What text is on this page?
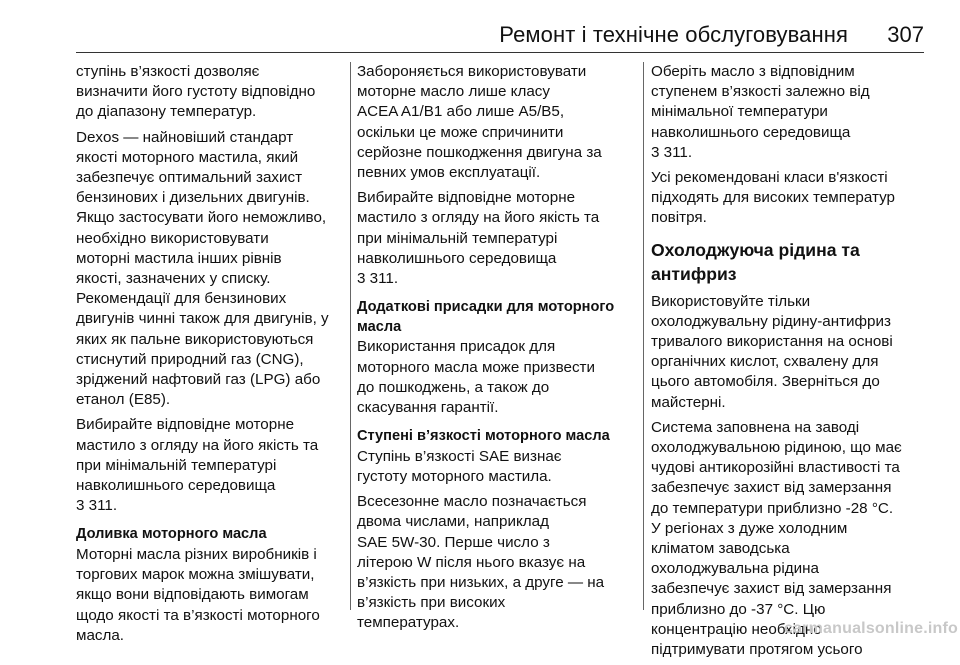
Ремонт і технічне обслуговування 307
ступінь в’язкості дозволяє
визначити його густоту відповідно
до діапазону температур.
Dexos — найновіший стандарт
якості моторного мастила, який
забезпечує оптимальний захист
бензинових і дизельних двигунів.
Якщо застосувати його неможливо,
необхідно використовувати
моторні мастила інших рівнів
якості, зазначених у списку.
Рекомендації для бензинових
двигунів чинні також для двигунів, у
яких як пальне використовуються
стиснутий природний газ (CNG),
зріджений нафтовий газ (LPG) або
етанол (E85).
Вибирайте відповідне моторне
мастило з огляду на його якість та
при мінімальній температурі
навколишнього середовища
3 311.
Доливка моторного масла
Моторні масла різних виробників і
торгових марок можна змішувати,
якщо вони відповідають вимогам
щодо якості та в’язкості моторного
масла.
Забороняється використовувати
моторне масло лише класу
ACEA A1/B1 або лише A5/B5,
оскільки це може спричинити
серйозне пошкодження двигуна за
певних умов експлуатації.
Вибирайте відповідне моторне
мастило з огляду на його якість та
при мінімальній температурі
навколишнього середовища
3 311.
Додаткові присадки для моторного
масла
Використання присадок для
моторного масла може призвести
до пошкоджень, а також до
скасування гарантії.
Ступені в’язкості моторного масла
Ступінь в’язкості SAE визнає
густоту моторного мастила.
Всесезонне масло позначається
двома числами, наприклад
SAE 5W-30. Перше число з
літерою W після нього вказує на
в’язкість при низьких, а друге — на
в’язкість при високих
температурах.
Оберіть масло з відповідним
ступенем в’язкості залежно від
мінімальної температури
навколишнього середовища
3 311.
Усі рекомендовані класи в'язкості
підходять для високих температур
повітря.
Охолоджуюча рідина та
антифриз
Використовуйте тільки
охолоджувальну рідину-антифриз
тривалого використання на основі
органічних кислот, схвалену для
цього автомобіля. Зверніться до
майстерні.
Система заповнена на заводі
охолоджувальною рідиною, що має
чудові антикорозійні властивості та
забезпечує захист від замерзання
до температури приблизно -28 °C.
У регіонах з дуже холодним
кліматом заводська
охолоджувальна рідина
забезпечує захист від замерзання
приблизно до -37 °C. Цю
концентрацію необхідно
підтримувати протягом усього
carmanualsonline.info
